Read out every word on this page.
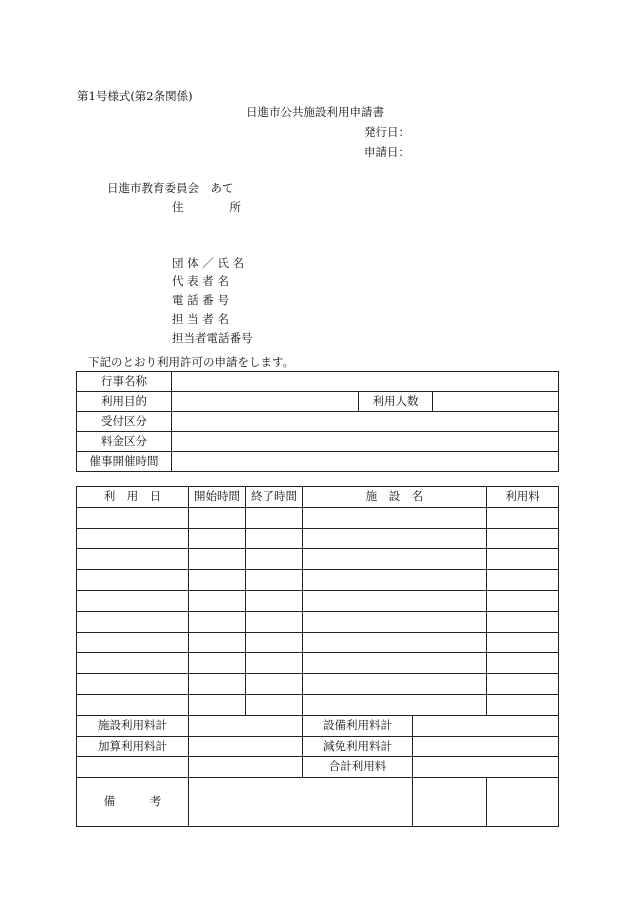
第1号様式(第2条関係)
日進市公共施設利用申請書
発行日：
申請日：
日進市教育委員会　あて
住　　　　所
団 体 ／ 氏 名
代 表 者 名
電 話 番 号
担 当 者 名
担当者電話番号
下記のとおり利用許可の申請をします。
行事名称			
利用目的		利用人数	
受付区分			
料金区分			
催事開催時間			
利　用　日	開始時間	終了時間	施　設　名		利用料

施設利用料計			設備利用料計		
加算利用料計			減免利用料計		
			合計利用料		
備　　　考					
